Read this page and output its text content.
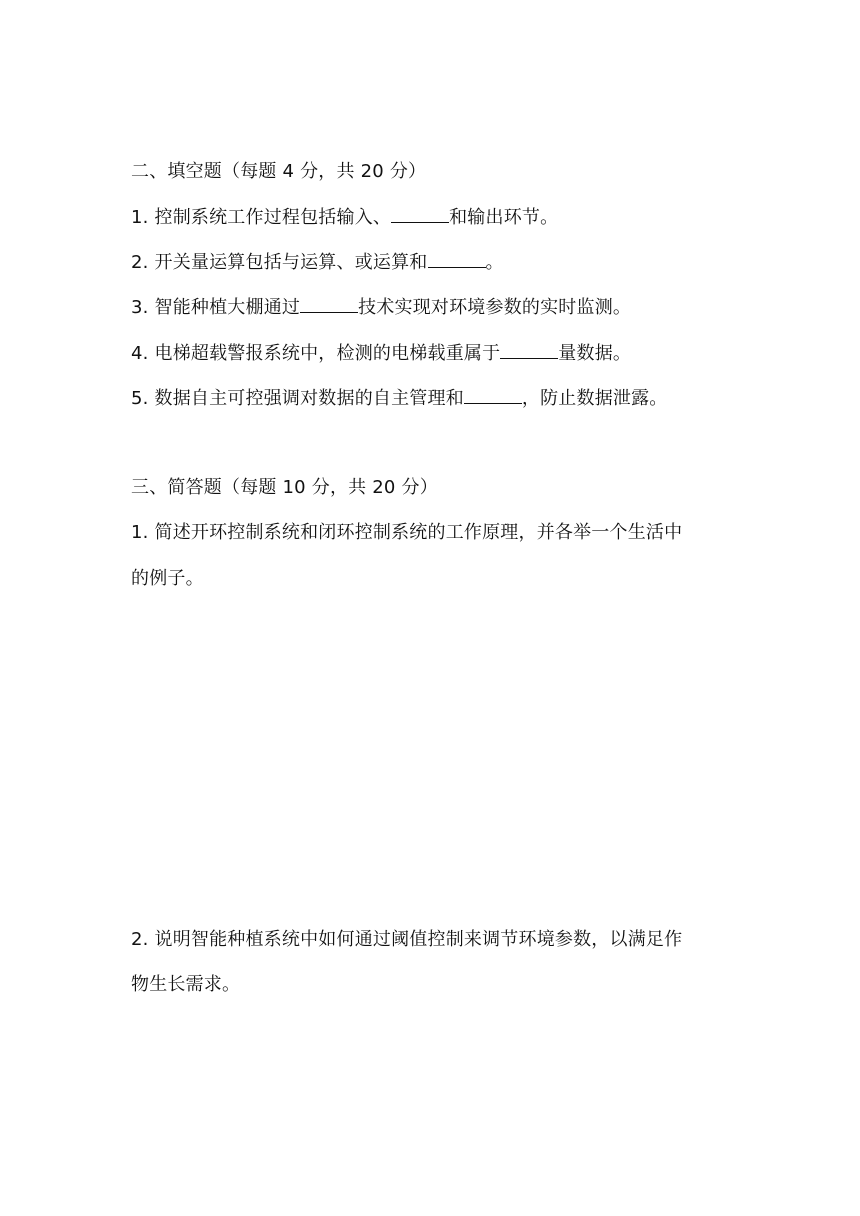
二、填空题（每题 4 分，共 20 分）
1. 控制系统工作过程包括输入、	和输出环节。
2. 开关量运算包括与运算、或运算和	。
3. 智能种植大棚通过	技术实现对环境参数的实时监测。
4. 电梯超载警报系统中，检测的电梯载重属于	量数据。
5. 数据自主可控强调对数据的自主管理和	，防止数据泄露。
三、简答题（每题 10 分，共 20 分）
1. 简述开环控制系统和闭环控制系统的工作原理，并各举一个生活中
的例子。
2. 说明智能种植系统中如何通过阈值控制来调节环境参数，以满足作
物生长需求。
